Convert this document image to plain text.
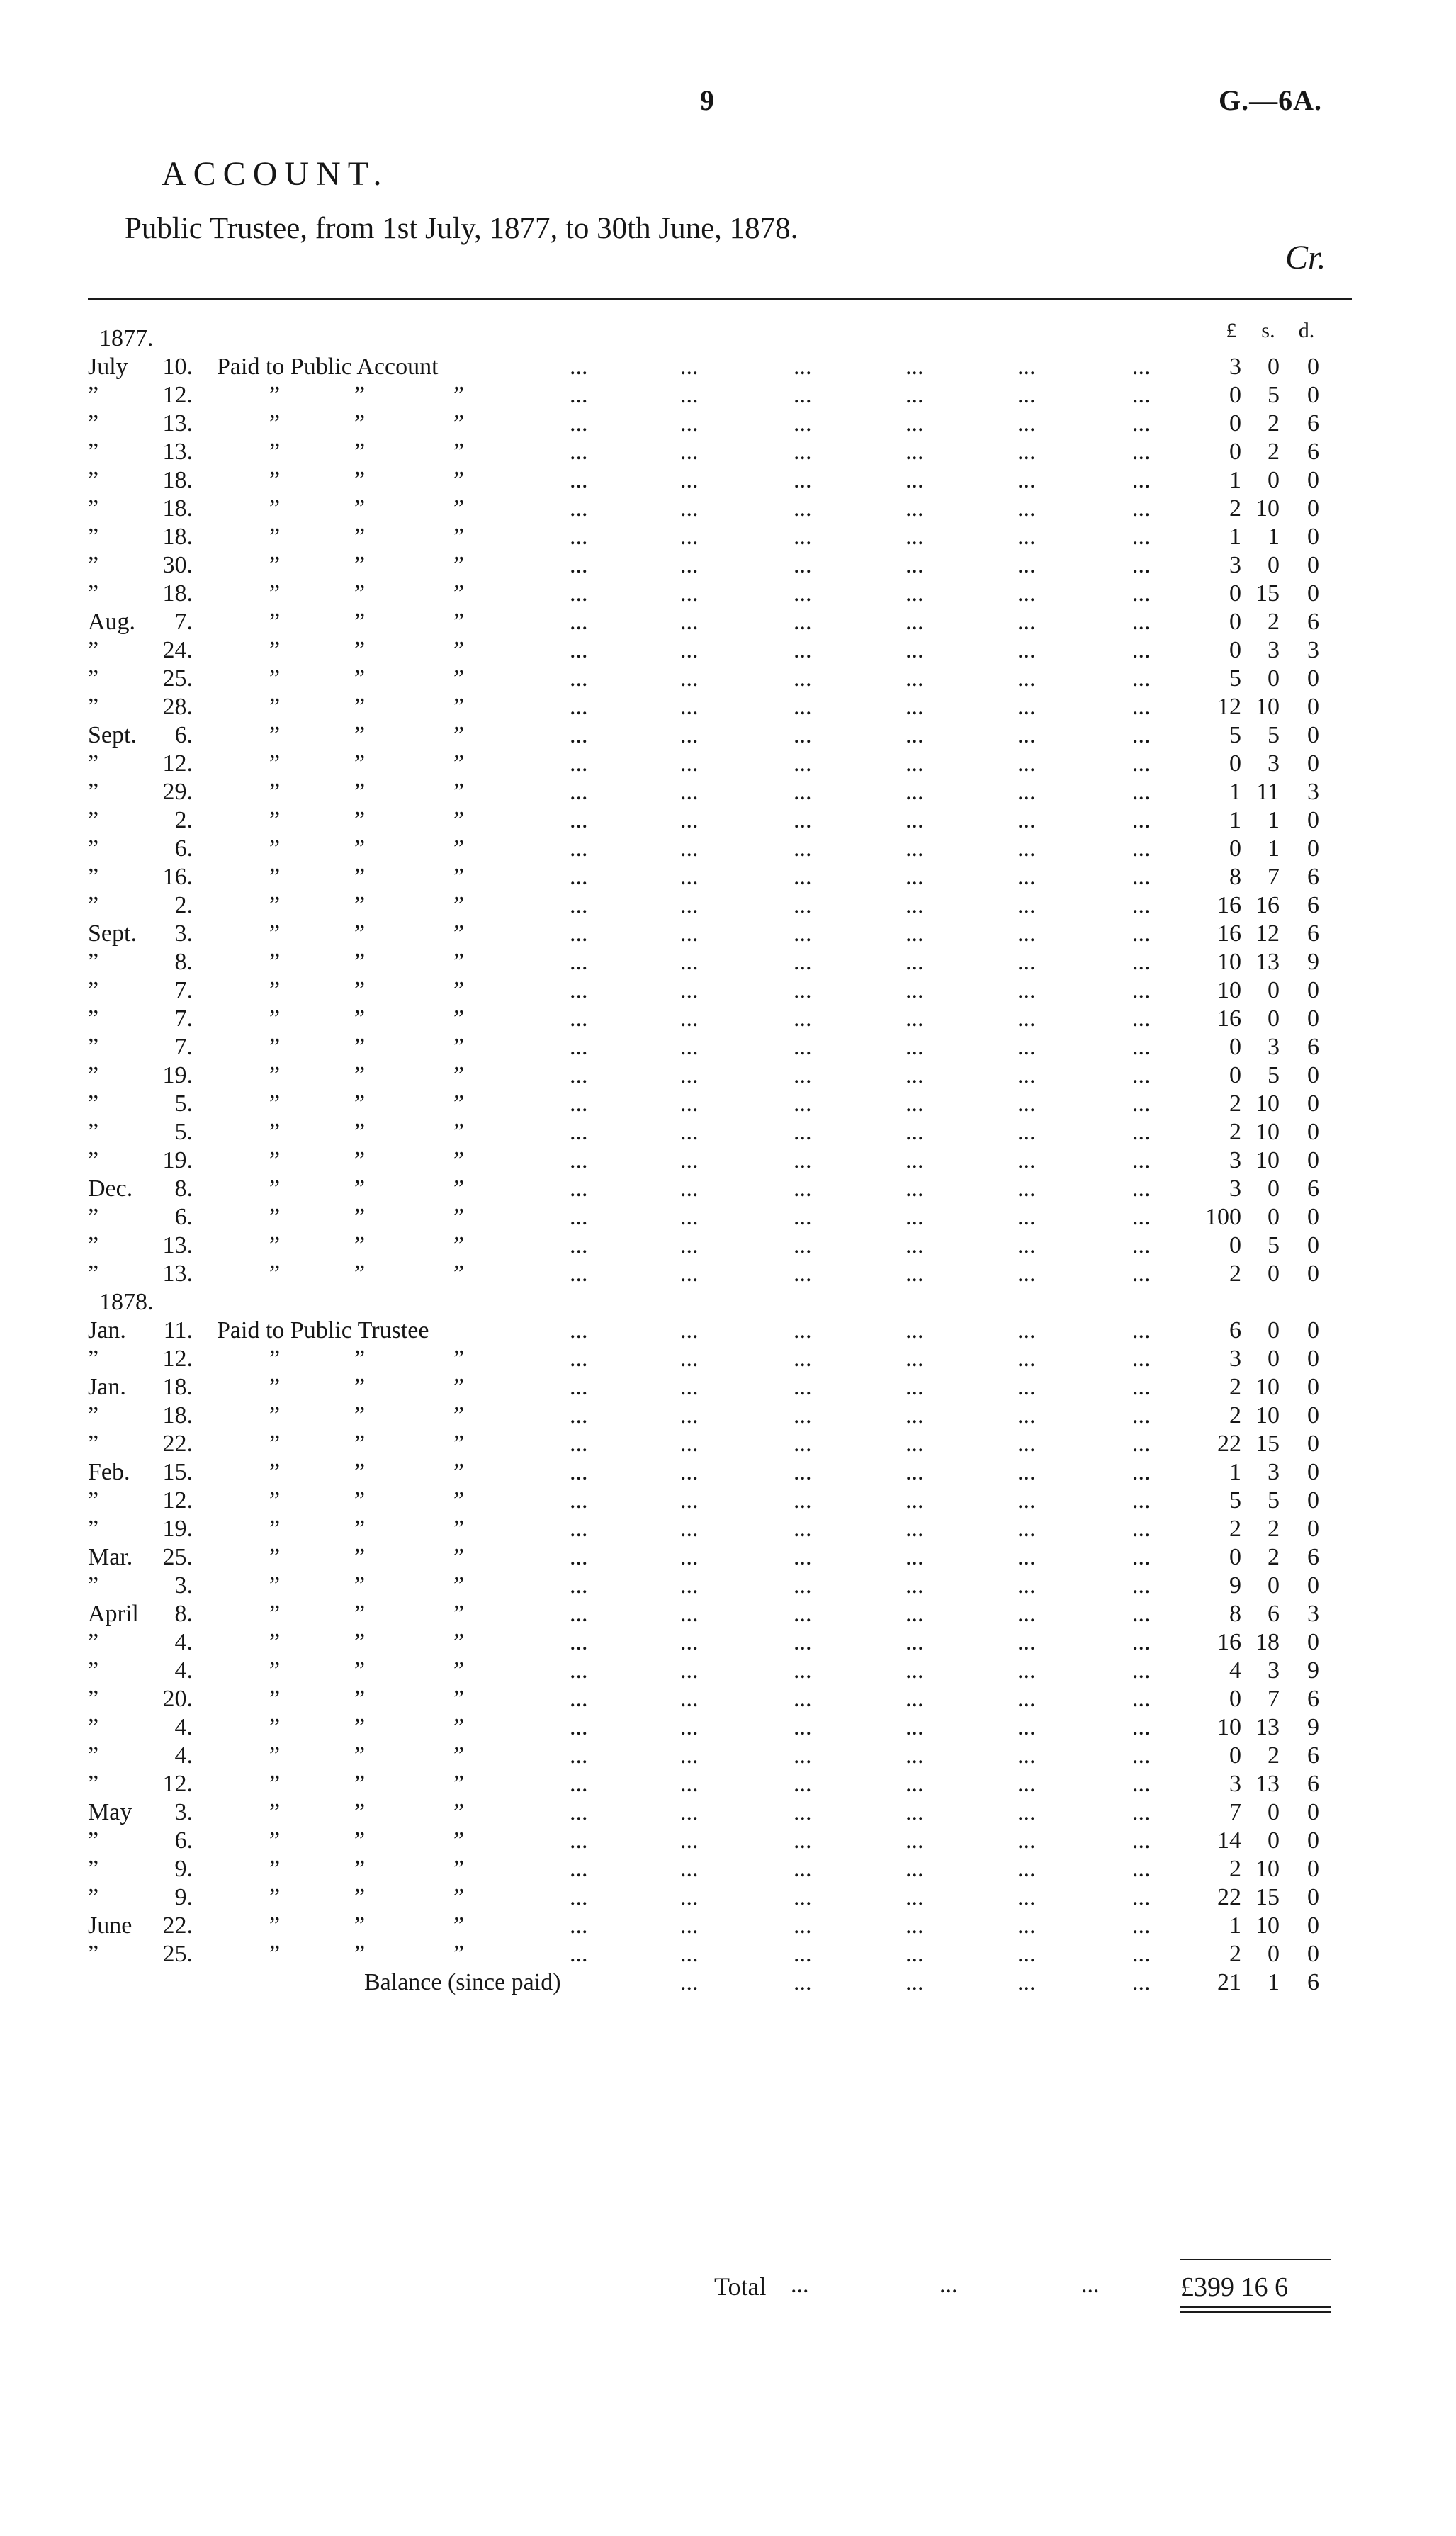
9	G.—6A.
ACCOUNT.
Public Trustee, from 1st July, 1877, to 30th June, 1878.
Cr.
£	s.	d.
1877.
July	10. Paid to Public Account	...	...	...	...	...	...	3 0 0
”	12.	”	”	”	...	...	...	...	...	...	0 5 0
”	13.	”	”	”	...	...	...	...	...	...	0 2 6
”	13.	”	”	”	...	...	...	...	...	...	0 2 6
”	18.	”	”	”	...	...	...	...	...	...	1 0 0
”	18.	”	”	”	...	...	...	...	...	...	2 10 0
”	18.	”	”	”	...	...	...	...	...	...	1 1 0
”	30.	”	”	”	...	...	...	...	...	...	3 0 0
”	18.	”	”	”	...	...	...	...	...	...	0 15 0
Aug.	7.	”	”	”	...	...	...	...	...	...	0 2 6
”	24.	”	”	”	...	...	...	...	...	...	0 3 3
”	25.	”	”	”	...	...	...	...	...	...	5 0 0
”	28.	”	”	”	...	...	...	...	...	...	12 10 0
Sept.	6.	”	”	”	...	...	...	...	...	...	5 5 0
”	12.	”	”	”	...	...	...	...	...	...	0 3 0
”	29.	”	”	”	...	...	...	...	...	...	1 11 3
”	2.	”	”	”	...	...	...	...	...	...	1 1 0
”	6.	”	”	”	...	...	...	...	...	...	0 1 0
”	16.	”	”	”	...	...	...	...	...	...	8 7 6
”	2.	”	”	”	...	...	...	...	...	...	16 16 6
Sept.	3.	”	”	”	...	...	...	...	...	...	16 12 6
”	8.	”	”	”	...	...	...	...	...	...	10 13 9
”	7.	”	”	”	...	...	...	...	...	...	10 0 0
”	7.	”	”	”	...	...	...	...	...	...	16 0 0
”	7.	”	”	”	...	...	...	...	...	...	0 3 6
”	19.	”	”	”	...	...	...	...	...	...	0 5 0
”	5.	”	”	”	...	...	...	...	...	...	2 10 0
”	5.	”	”	”	...	...	...	...	...	...	2 10 0
”	19.	”	”	”	...	...	...	...	...	...	3 10 0
Dec.	8.	”	”	”	...	...	...	...	...	...	3 0 6
”	6.	”	”	”	...	...	...	...	...	... 100 0 0
”	13.	”	”	”	...	...	...	...	...	...	0 5 0
”	13.	”	”	”	...	...	...	...	...	...	2 0 0
1878.
Jan.	11. Paid to Public Trustee	...	...	...	...	...	...	6 0 0
”	12.	”	”	”	...	...	...	...	...	...	3 0 0
Jan.	18.	”	”	”	...	...	...	...	...	...	2 10 0
”	18.	”	”	”	...	...	...	...	...	...	2 10 0
”	22.	”	”	”	...	...	...	...	...	...	22 15 0
Feb.	15.	”	”	”	...	...	...	...	...	...	1 3 0
”	12.	”	”	”	...	...	...	...	...	...	5 5 0
”	19.	”	”	”	...	...	...	...	...	...	2 2 0
Mar.	25.	”	”	”	...	...	...	...	...	...	0 2 6
”	3.	”	”	”	...	...	...	...	...	...	9 0 0
April	8.	”	”	”	...	...	...	...	...	...	8 6 3
”	4.	”	”	”	...	...	...	...	...	...	16 18 0
”	4.	”	”	”	...	...	...	...	...	...	4 3 9
”	20.	”	”	”	...	...	...	...	...	...	0 7 6
”	4.	”	”	”	...	...	...	...	...	...	10 13 9
”	4.	”	”	”	...	...	...	...	...	...	0 2 6
”	12.	”	”	”	...	...	...	...	...	...	3 13 6
May	3.	”	”	”	...	...	...	...	...	...	7 0 0
”	6.	”	”	”	...	...	...	...	...	...	14 0 0
”	9.	”	”	”	...	...	...	...	...	...	2 10 0
”	9.	”	”	”	...	...	...	...	...	...	22 15 0
June	22.	”	”	”	...	...	...	...	...	...	1 10 0
”	25.	”	”	”	...	...	...	...	...	...	2 0 0
Balance (since paid)	...	...	...	...	...	21 1 6
Total ...	...	...	£399 16 6
